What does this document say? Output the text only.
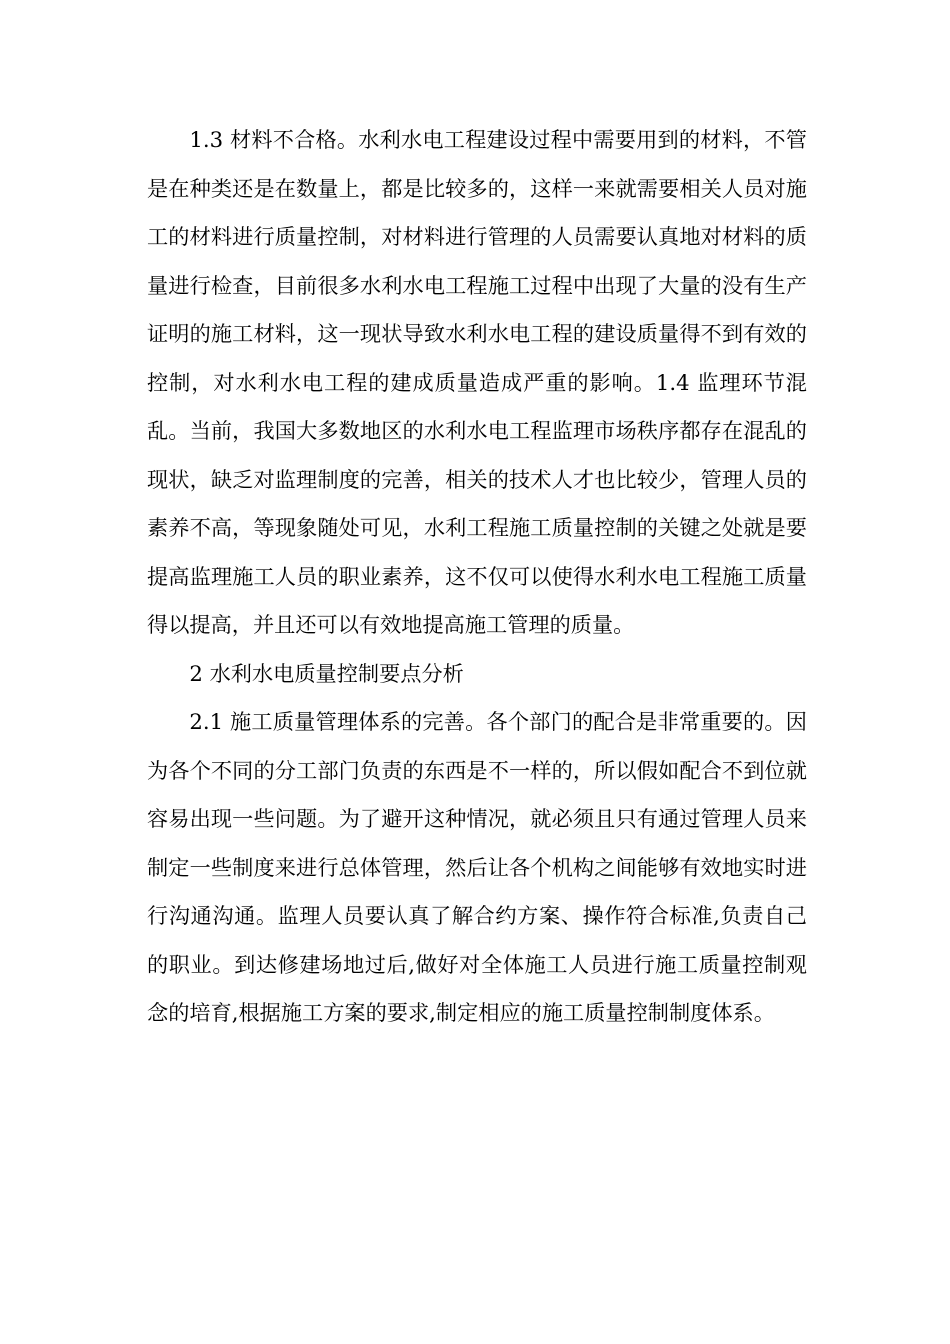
1.3 材料不合格。水利水电工程建设过程中需要用到的材料，不管是在种类还是在数量上，都是比较多的，这样一来就需要相关人员对施工的材料进行质量控制，对材料进行管理的人员需要认真地对材料的质量进行检查，目前很多水利水电工程施工过程中出现了大量的没有生产证明的施工材料，这一现状导致水利水电工程的建设质量得不到有效的控制，对水利水电工程的建成质量造成严重的影响。1.4 监理环节混乱。当前，我国大多数地区的水利水电工程监理市场秩序都存在混乱的现状，缺乏对监理制度的完善，相关的技术人才也比较少，管理人员的素养不高，等现象随处可见，水利工程施工质量控制的关键之处就是要提高监理施工人员的职业素养，这不仅可以使得水利水电工程施工质量得以提高，并且还可以有效地提高施工管理的质量。

2 水利水电质量控制要点分析

2.1 施工质量管理体系的完善。各个部门的配合是非常重要的。因为各个不同的分工部门负责的东西是不一样的，所以假如配合不到位就容易出现一些问题。为了避开这种情况，就必须且只有通过管理人员来制定一些制度来进行总体管理，然后让各个机构之间能够有效地实时进行沟通沟通。监理人员要认真了解合约方案、操作符合标准,负责自己的职业。到达修建场地过后,做好对全体施工人员进行施工质量控制观念的培育,根据施工方案的要求,制定相应的施工质量控制制度体系。
